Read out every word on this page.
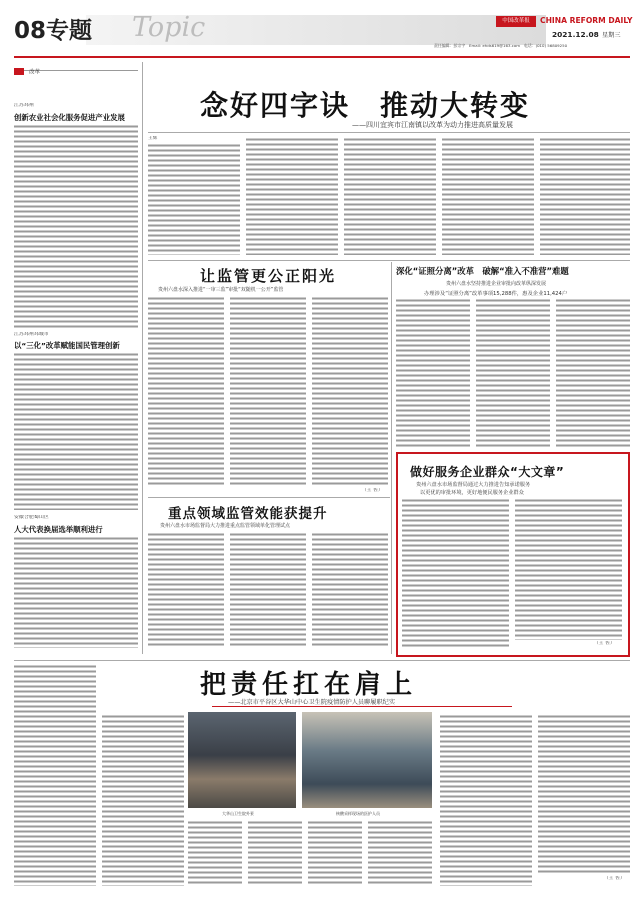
08专题 Topic	中国改革报	CHINA REFORM DAILY
2021.12.08 星期三
责任编辑：彭宗宇　Email: ehds619@163.com　电话：(010) 56809250
改革
江苏邳州
创新农业社会化服务促进产业发展
江苏邳州邳城市
以“三化”改革赋能国民管理创新
安徽合肥蜀山区
人大代表换届选举顺利进行
念好四字诀　推动大转变
——四川宜宾市江南镇以改革为动力推进高质量发展
王辉
让监管更公正阳光
贵州六盘水深入推进“一审三监”审批“双随机一公开”监管
（王 佐）
深化“证照分离”改革　破解“准入不准营”难题
贵州六盘水坚持推进企业审批向改革纵深发展
办理涉及“证照分离”改革事项15,288件，惠及企业11,424户
重点领域监管效能获提升
贵州六盘水市场监督局大力推进重点监管领域单化管理试点
做好服务企业群众“大文章”
贵州六盘水市场监督局通过大力推进告知承诺服务
以更优的审批环境，更好地便民服务企业群众
（王 佐）
把责任扛在肩上
——北京市平谷区大华山中心卫生院疫情防护人员聊履职纪实
大华山卫生院外景	核酸采样现场的医护人员
（王 佐）
